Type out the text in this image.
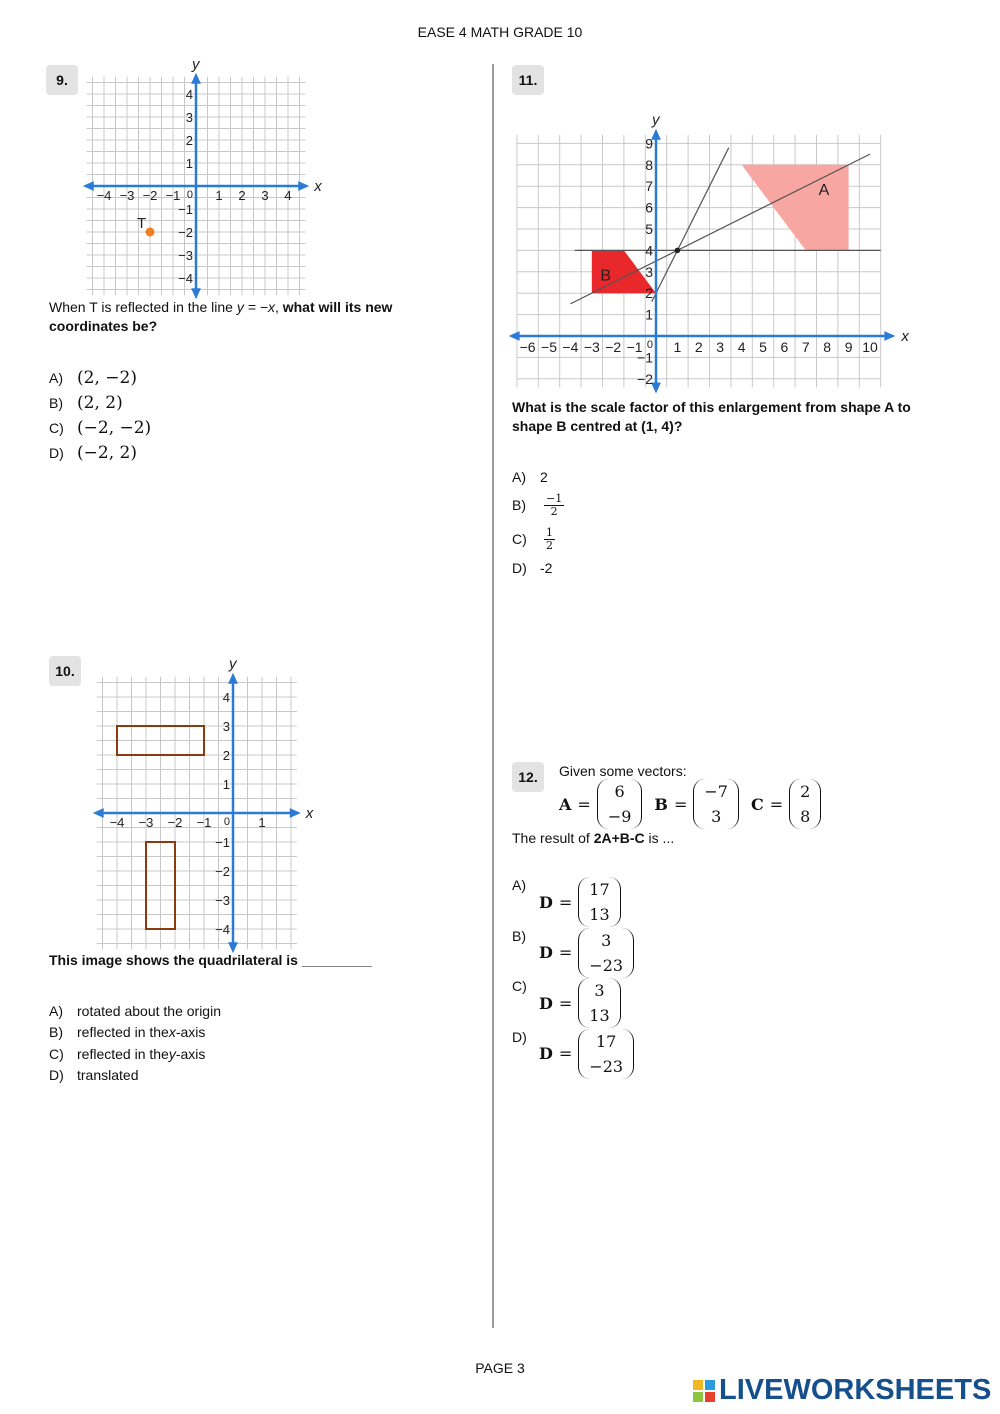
EASE 4 MATH GRADE 10
9.
x
y
−4 −3 −2 −1	1 2 3 4
4
3
2
1
−1
−2
−3
−4
0
T
When T is reflected in the line y = −x, what will its new coordinates be?
A) (2, −2)
B) (2, 2)
C) (−2, −2)
D) (−2, 2)
10.
x
y
−4 −3 −2 −1	1
4
3
2
1
−1
−2
−3
−4
0
This image shows the quadrilateral is _________
A)	rotated about the origin
B)	reflected in the x -axis
C) reflected in the y -axis
D) translated
11.
x
y
−6 −5 −4 −3 −2 −1 1 2 3 4 5 6 7 8 9 10
9
8
7
6
5
4
3
2
1
−1
−2
0
A
B
What is the scale factor of this enlargement from shape A to shape B centred at (1, 4)?
A)	2
B)	$\frac{-1}{2}$
C)	$\frac{1}{2}$
D) -2
12.	Given some vectors:
A =
6
−9
B =
−7
3
C =
2
8
The result of 2A+B-C is ...
A)
D =
17
13
B)
D =
3
−23
C)
D =
3
13
D)
D =
17
−23
PAGE 3
LIVEWORKSHEETS
